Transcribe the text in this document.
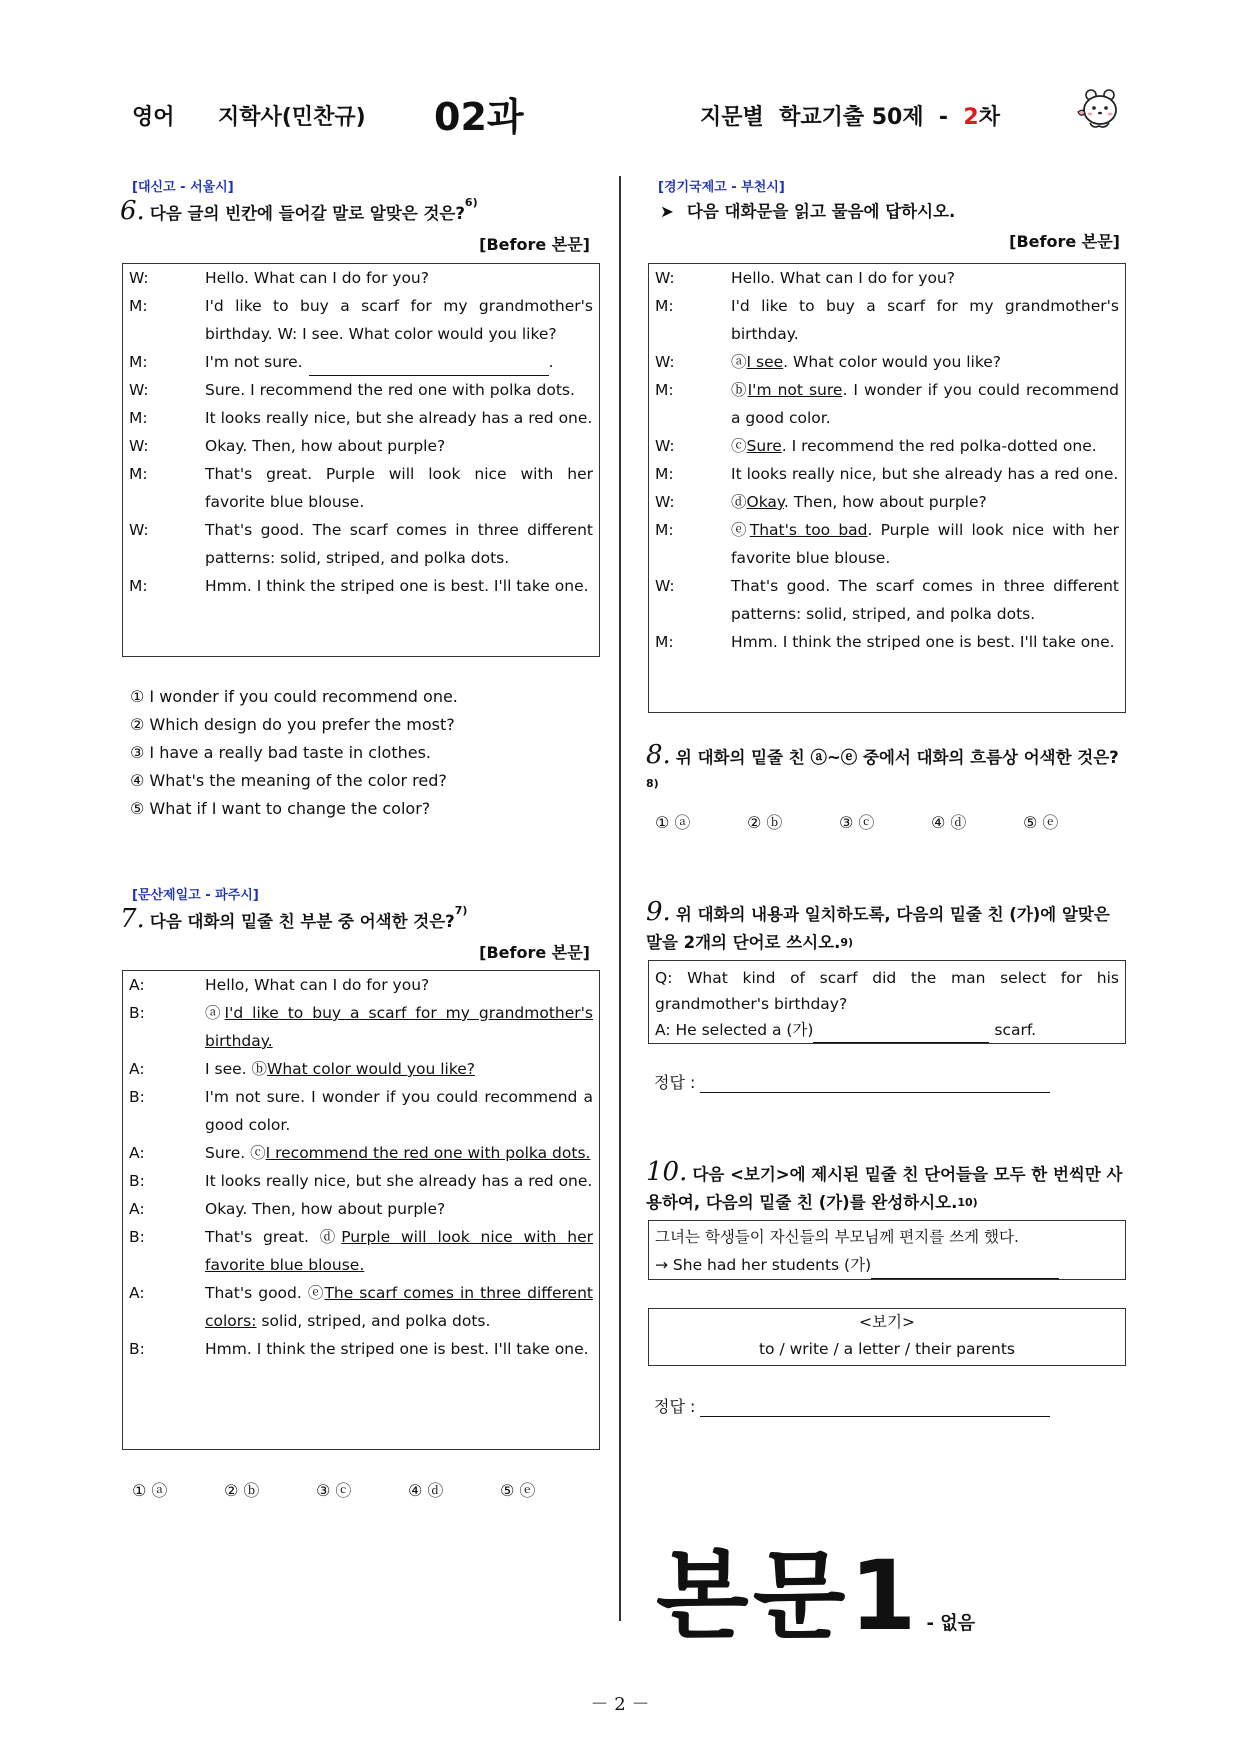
영어 지학사(민찬규) 02과	지문별  학교기출 50제  -  2차
[대신고 - 서울시]
6. 다음 글의 빈칸에 들어갈 말로 알맞은 것은?$^{6)}$
[Before 본문]
W:	Hello. What can I do for you?
M:	I'd like to buy a scarf for my grandmother's birthday. W: I see. What color would you like?
M:	I'm not sure.	.
W:	Sure. I recommend the red one with polka dots.
M:	It looks really nice, but she already has a red one.
W:	Okay. Then, how about purple?
M:	That's great. Purple will look nice with her favorite blue blouse.
W:	That's good. The scarf comes in three different patterns: solid, striped, and polka dots.
M:	Hmm. I think the striped one is best. I'll take one.
① I wonder if you could recommend one.
② Which design do you prefer the most?
③ I have a really bad taste in clothes.
④ What's the meaning of the color red?
⑤ What if I want to change the color?
[문산제일고 - 파주시]
7. 다음 대화의 밑줄 친 부분 중 어색한 것은?$^{7)}$
[Before 본문]
A:	Hello, What can I do for you?
B:	ⓐI'd like to buy a scarf for my grandmother's birthday.
A:	I see. ⓑWhat color would you like?
B:	I'm not sure. I wonder if you could recommend a good color.
A:	Sure. ⓒI recommend the red one with polka dots.
B:	It looks really nice, but she already has a red one.
A:	Okay. Then, how about purple?
B:	That's great. ⓓPurple will look nice with her favorite blue blouse.
A:	That's good. ⓔThe scarf comes in three different colors: solid, striped, and polka dots.
B:	Hmm. I think the striped one is best. I'll take one.
① ⓐ	② ⓑ	③ ⓒ	④ ⓓ	⑤ ⓔ
[경기국제고 - 부천시]
➤ 다음 대화문을 읽고 물음에 답하시오.
[Before 본문]
W:	Hello. What can I do for you?
M:	I'd like to buy a scarf for my grandmother's birthday.
W:	ⓐI see. What color would you like?
M:	ⓑI'm not sure. I wonder if you could recommend a good color.
W:	ⓒSure. I recommend the red polka-dotted one.
M:	It looks really nice, but she already has a red one.
W:	ⓓOkay. Then, how about purple?
M:	ⓔThat's too bad. Purple will look nice with her favorite blue blouse.
W:	That's good. The scarf comes in three different patterns: solid, striped, and polka dots.
M:	Hmm. I think the striped one is best. I'll take one.
8. 위 대화의 밑줄 친 ⓐ~ⓔ 중에서 대화의 흐름상 어색한 것은?$^{8)}$
① ⓐ	② ⓑ	③ ⓒ	④ ⓓ	⑤ ⓔ
9. 위 대화의 내용과 일치하도록, 다음의 밑줄 친 (가)에 알맞은 말을 2개의 단어로 쓰시오.$^{9)}$
Q: What kind of scarf did the man select for his grandmother's birthday?
A: He selected a (가)	scarf.
정답 :
10. 다음 <보기>에 제시된 밑줄 친 단어들을 모두 한 번씩만 사용하여, 다음의 밑줄 친 (가)를 완성하시오.$^{10)}$
그녀는 학생들이 자신들의 부모님께 편지를 쓰게 했다.
→ She had her students (가)
<보기>
to / write / a letter / their parents
정답 :
본문1 - 없음
－ 2 －
